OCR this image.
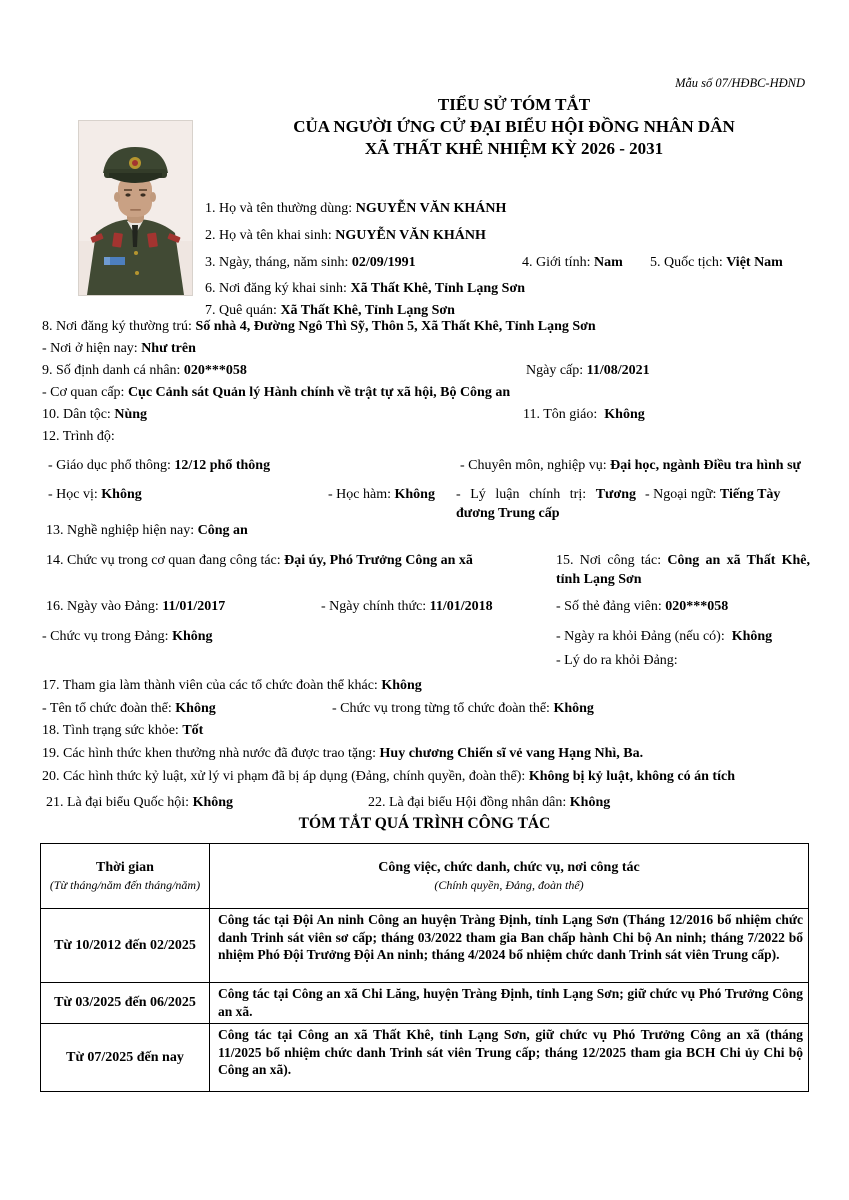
Mẫu số 07/HĐBC-HĐND
TIỂU SỬ TÓM TẮT
CỦA NGƯỜI ỨNG CỬ ĐẠI BIỂU HỘI ĐỒNG NHÂN DÂN
XÃ THẤT KHÊ NHIỆM KỲ 2026 - 2031
1. Họ và tên thường dùng: NGUYỄN VĂN KHÁNH
2. Họ và tên khai sinh: NGUYỄN VĂN KHÁNH
3. Ngày, tháng, năm sinh: 02/09/1991	4. Giới tính: Nam 5. Quốc tịch: Việt Nam
6. Nơi đăng ký khai sinh: Xã Thất Khê, Tỉnh Lạng Sơn
7. Quê quán: Xã Thất Khê, Tỉnh Lạng Sơn
8. Nơi đăng ký thường trú: Số nhà 4, Đường Ngô Thì Sỹ, Thôn 5, Xã Thất Khê, Tỉnh Lạng Sơn
- Nơi ở hiện nay: Như trên
9. Số định danh cá nhân: 020***058	Ngày cấp: 11/08/2021
- Cơ quan cấp: Cục Cảnh sát Quản lý Hành chính về trật tự xã hội, Bộ Công an
10. Dân tộc: Nùng	11. Tôn giáo: Không
12. Trình độ:
- Giáo dục phổ thông: 12/12 phổ thông	- Chuyên môn, nghiệp vụ: Đại học, ngành Điều tra hình sự
- Học vị: Không	- Học hàm: Không - Lý luận chính trị: Tương đương Trung cấp
- Ngoại ngữ: Tiếng Tày
13. Nghề nghiệp hiện nay: Công an
14. Chức vụ trong cơ quan đang công tác: Đại úy, Phó Trưởng Công an xã	15. Nơi công tác: Công an xã Thất Khê, tỉnh Lạng Sơn
16. Ngày vào Đảng: 11/01/2017	- Ngày chính thức: 11/01/2018	- Số thẻ đảng viên: 020***058
- Chức vụ trong Đảng: Không	- Ngày ra khỏi Đảng (nếu có): Không
- Lý do ra khỏi Đảng:
17. Tham gia làm thành viên của các tổ chức đoàn thể khác: Không
- Tên tổ chức đoàn thể: Không	- Chức vụ trong từng tổ chức đoàn thể: Không
18. Tình trạng sức khỏe: Tốt
19. Các hình thức khen thưởng nhà nước đã được trao tặng: Huy chương Chiến sĩ vẻ vang Hạng Nhì, Ba.
20. Các hình thức kỷ luật, xử lý vi phạm đã bị áp dụng (Đảng, chính quyền, đoàn thể): Không bị kỷ luật, không có án tích
21. Là đại biểu Quốc hội: Không	22. Là đại biểu Hội đồng nhân dân: Không
TÓM TẮT QUÁ TRÌNH CÔNG TÁC
Thời gian
(Từ tháng/năm đến tháng/năm)
Công việc, chức danh, chức vụ, nơi công tác
(Chính quyền, Đảng, đoàn thể)
Từ 10/2012 đến 02/2025
Công tác tại Đội An ninh Công an huyện Tràng Định, tỉnh Lạng Sơn (Tháng 12/2016 bổ nhiệm chức danh Trinh sát viên sơ cấp; tháng 03/2022 tham gia Ban chấp hành Chi bộ An ninh; tháng 7/2022 bổ nhiệm Phó Đội Trưởng Đội An ninh; tháng 4/2024 bổ nhiệm chức danh Trinh sát viên Trung cấp).
Từ 03/2025 đến 06/2025
Công tác tại Công an xã Chi Lăng, huyện Tràng Định, tỉnh Lạng Sơn; giữ chức vụ Phó Trưởng Công an xã.
Từ 07/2025 đến nay
Công tác tại Công an xã Thất Khê, tỉnh Lạng Sơn, giữ chức vụ Phó Trưởng Công an xã (tháng 11/2025 bổ nhiệm chức danh Trinh sát viên Trung cấp; tháng 12/2025 tham gia BCH Chi ủy Chi bộ Công an xã).
